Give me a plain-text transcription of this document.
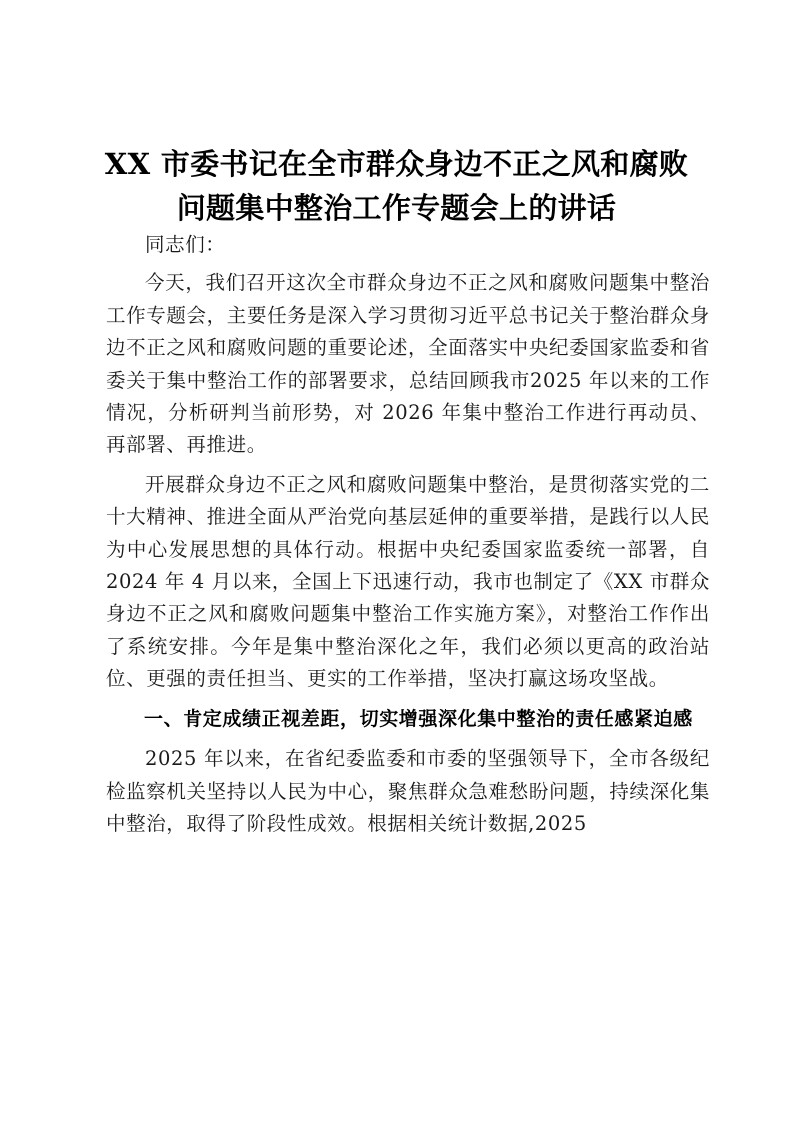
XX 市委书记在全市群众身边不正之风和腐败
问题集中整治工作专题会上的讲话

同志们：

今天，我们召开这次全市群众身边不正之风和腐败问题集中整治工作专题会，主要任务是深入学习贯彻习近平总书记关于整治群众身边不正之风和腐败问题的重要论述，全面落实中央纪委国家监委和省委关于集中整治工作的部署要求，总结回顾我市2025 年以来的工作情况，分析研判当前形势，对 2026 年集中整治工作进行再动员、再部署、再推进。

开展群众身边不正之风和腐败问题集中整治，是贯彻落实党的二十大精神、推进全面从严治党向基层延伸的重要举措，是践行以人民为中心发展思想的具体行动。根据中央纪委国家监委统一部署，自 2024 年 4 月以来，全国上下迅速行动，我市也制定了《XX 市群众身边不正之风和腐败问题集中整治工作实施方案》，对整治工作作出了系统安排。今年是集中整治深化之年，我们必须以更高的政治站位、更强的责任担当、更实的工作举措，坚决打赢这场攻坚战。

一、肯定成绩正视差距，切实增强深化集中整治的责任感紧迫感

2025 年以来，在省纪委监委和市委的坚强领导下，全市各级纪检监察机关坚持以人民为中心，聚焦群众急难愁盼问题，持续深化集中整治，取得了阶段性成效。根据相关统计数据,2025
